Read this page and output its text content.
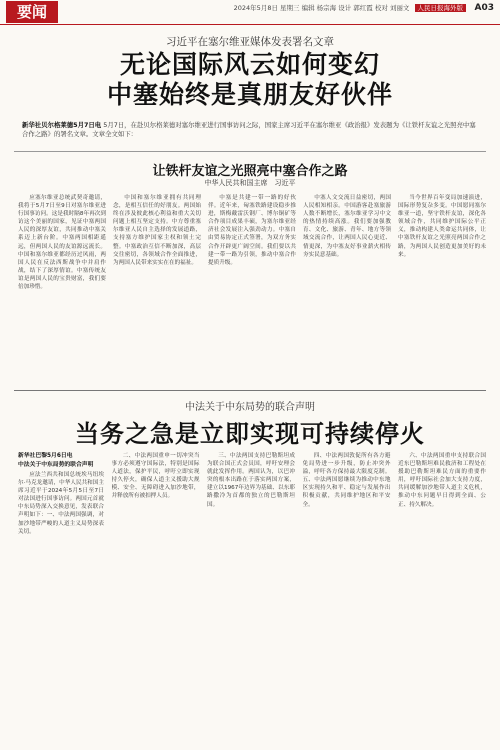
要闻	2024年5月8日 星期三 编辑 杨宗海 设计 郭红霞 校对 刘丽文 人民日报海外版	A03
习近平在塞尔维亚媒体发表署名文章
无论国际风云如何变幻
中塞始终是真朋友好伙伴
新华社贝尔格莱德5月7日电 5月7日，在赴贝尔格莱德对塞尔维亚进行国事访问之际，国家主席习近平在塞尔维亚《政治报》发表题为《让铁杆友谊之光照亮中塞合作之路》的署名文章。文章全文如下：
让铁杆友谊之光照亮中塞合作之路
中华人民共和国主席　习近平

应塞尔维亚总统武契奇邀请，我将于5月7日至9日对塞尔维亚进行国事访问。这是我时隔8年再次到访这个美丽的国家，见证中塞两国人民的深厚友谊，共同推动中塞关系迈上新台阶。中塞两国相距遥远，但两国人民的友谊源远流长。中国和塞尔维亚都经历过风雨，两国人民在反法西斯战争中并肩作战，结下了深厚情谊。中塞传统友谊是两国人民的宝贵财富，我们要倍加珍惜。

中国和塞尔维亚拥有共同理念，是相互信任的好朋友。两国始终在涉及彼此核心利益和重大关切问题上相互坚定支持。中方尊重塞尔维亚人民自主选择的发展道路，支持塞方维护国家主权和领土完整。中塞政治互信不断加深，高层交往密切，各领域合作全面推进，为两国人民带来实实在在的福祉。

中塞是共建一带一路的好伙伴。近年来，匈塞铁路建设稳步推进，斯梅戴雷沃钢厂、博尔铜矿等合作项目成果丰硕，为塞尔维亚经济社会发展注入强劲动力。中塞自由贸易协定正式签署，为双方务实合作开辟更广阔空间。我们要以共建一带一路为引领，推动中塞合作提质升级。

中塞人文交流日益密切，两国人民相知相亲。中国游客赴塞旅游人数不断增长，塞尔维亚学习中文的热情持续高涨。我们要加强教育、文化、旅游、青年、地方等领域交流合作，让两国人民心更近、情更深，为中塞友好事业薪火相传夯实民意基础。

当今世界百年变局加速演进，国际形势复杂多变。中国愿同塞尔维亚一道，坚守铁杆友谊，深化各领域合作，共同维护国际公平正义，推动构建人类命运共同体，让中塞铁杆友谊之光照亮两国合作之路，为两国人民创造更加美好的未来。

中法关于中东局势的联合声明
当务之急是立即实现可持续停火
新华社巴黎5月6日电
中法关于中东局势的联合声明

应法兰西共和国总统埃马纽埃尔·马克龙邀请，中华人民共和国主席习近平于2024年5月5日至7日对法国进行国事访问。两国元首就中东局势深入交换意见，发表联合声明如下：一、中法两国强调，对加沙地带严峻的人道主义局势深表关切。

二、中法两国重申一切冲突当事方必须遵守国际法，特别是国际人道法，保护平民，呼吁立即实现持久停火，确保人道主义援助大规模、安全、无障碍进入加沙地带，并释放所有被扣押人员。

三、中法两国支持巴勒斯坦成为联合国正式会员国，呼吁安理会就此发挥作用。两国认为，以巴冲突的根本出路在于落实两国方案，建立以1967年边界为基础、以东耶路撒冷为首都的独立的巴勒斯坦国。

四、中法两国敦促所有各方避免局势进一步升级，防止冲突外溢，呼吁各方保持最大限度克制。五、中法两国愿继续为推动中东地区实现持久和平、稳定与发展作出积极贡献，共同维护地区和平安全。

六、中法两国重申支持联合国近东巴勒斯坦难民救济和工程处在援助巴勒斯坦难民方面的重要作用，呼吁国际社会加大支持力度，共同缓解加沙地带人道主义危机，推动中东问题早日得到全面、公正、持久解决。
